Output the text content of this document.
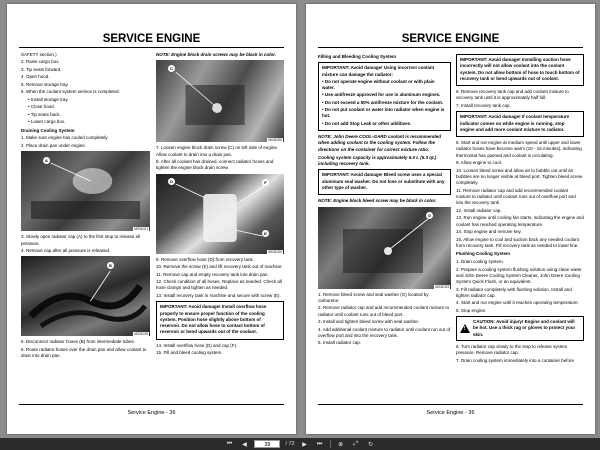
SERVICE ENGINE

SAFETY section.)

2. Raise cargo box.

3. Tip seats forward.

4. Open hood.

5. Remove storage tray.

6. When the coolant system service is completed:

• Install storage tray.

• Close hood.

• Tip seats back.

• Lower cargo box.

Draining Cooling System

1. Make sure engine has cooled completely.

2. Place drain pan under engine.

A
MX31021

3. Slowly open radiator cap (A) to the first stop to release all pressure.

4. Remove cap after all pressure is released.

B
MX31015

5. Disconnect radiator hoses (B) from intermediate tubes.

6. Route radiator hoses over the drain pan and allow coolant to drain into drain pan.

NOTE: Engine block drain screws may be black in color.

C
MX31020

7. Loosen engine block drain screw (C) on left side of engine. Allow coolant to drain into a drain pan.

8. After all coolant has drained, connect radiator hoses and tighten the engine block drain screw.

D	F
E
MX31020

9. Remove overflow hose (D) from recovery tank.

10. Remove the screw (E) and lift recovery tank out of machine.

11. Remove cap and empty recovery tank into drain pan.

12. Check condition of all hoses. Replace as needed. Check all hose clamps and tighten as needed.

13. Install recovery tank in machine and secure with screw (E).

IMPORTANT: Avoid damage! Install overflow hose properly to ensure proper function of the cooling system. Position hose slightly above bottom of reservoir. Do not allow hose to contact bottom of reservoir or bend upwards out of the coolant.

14. Install overflow hose (D) and cap (F).

15. Fill and bleed cooling system.

Service Engine - 36
SERVICE ENGINE

Filling and Bleeding Cooling System

IMPORTANT: Avoid damage! Using incorrect coolant mixture can damage the radiator:

• Do not operate engine without coolant or with plain water.

• Use antifreeze approved for use in aluminum engines.

• Do not exceed a 50% antifreeze mixture for the coolant.

• Do not put coolant or water into radiator when engine is hot.

• Do not add Stop Leak or other additives.

NOTE: John Deere COOL-GARD coolant is recommended when adding coolant to the cooling system. Follow the directions on the container for correct mixture ratio.

Cooling system capacity is approximately 5.0 L (5.3 qt.) including recovery tank.

IMPORTANT: Avoid damage! Bleed screw uses a special aluminum seal washer. Do not lose or substitute with any other type of washer.

NOTE: Engine block bleed screw may be black in color.

G
MX31023

1. Remove bleed screw and seal washer (G) located by carburetor.

2. Remove radiator cap and add recommended coolant mixture to radiator until coolant runs out of bleed port.

3. Install and tighten bleed screw with seal washer.

4. Add additional coolant mixture to radiator until coolant run out of overflow port and into the recovery tank.

5. Install radiator cap.

IMPORTANT: Avoid damage! Installing suction hose incorrectly will not allow coolant into the coolant system. Do not allow bottom of hose to touch bottom of recovery tank or bend upwards out of coolant.

6. Remove recovery tank cap and add coolant mixture to recovery tank until it is approximately half full.

7. Install recovery tank cap.

IMPORTANT: Avoid damage! If coolant temperature indicator comes on while engine is running, stop engine and add more coolant mixture to radiator.

8. Start and run engine at medium speed until upper and lower radiator hoses have become warm (10 - 15 minutes), indicating thermostat has opened and coolant is circulating.

9. Allow engine to cool.

10. Loosen bleed screw and allow air to bubble out until air bubbles are no longer visible at bleed port. Tighten bleed screw completely.

11. Remove radiator cap and add recommended coolant mixture to radiator until coolant runs out of overflow port and into the recovery tank.

12. Install radiator cap.

13. Run engine until cooling fan starts, indicating the engine and coolant has reached operating temperature.

14. Stop engine and remove key.

15. Allow engine to cool and suction back any needed coolant from recovery tank. Fill recovery tank as needed to lower line.

Flushing Cooling System

1. Drain cooling system.

2. Prepare a cooling system flushing solution using clean water and John Deere Cooling System Cleaner, John Deere Cooling System Quick Flush, or an equivalent.

3. Fill radiator completely with flushing solution. Install and tighten radiator cap.

4. Start and run engine until it reaches operating temperature.

5. Stop engine.

!
CAUTION: Avoid injury! Engine and coolant will be hot. Use a thick rag or gloves to protect your skin.

6. Turn radiator cap slowly to the stop to release system pressure. Remove radiator cap.

7. Drain cooling system immediately into a container before

Service Engine - 36
⏮	◀	39	/ 72	▶	⏭	⊕	⤢	↻
